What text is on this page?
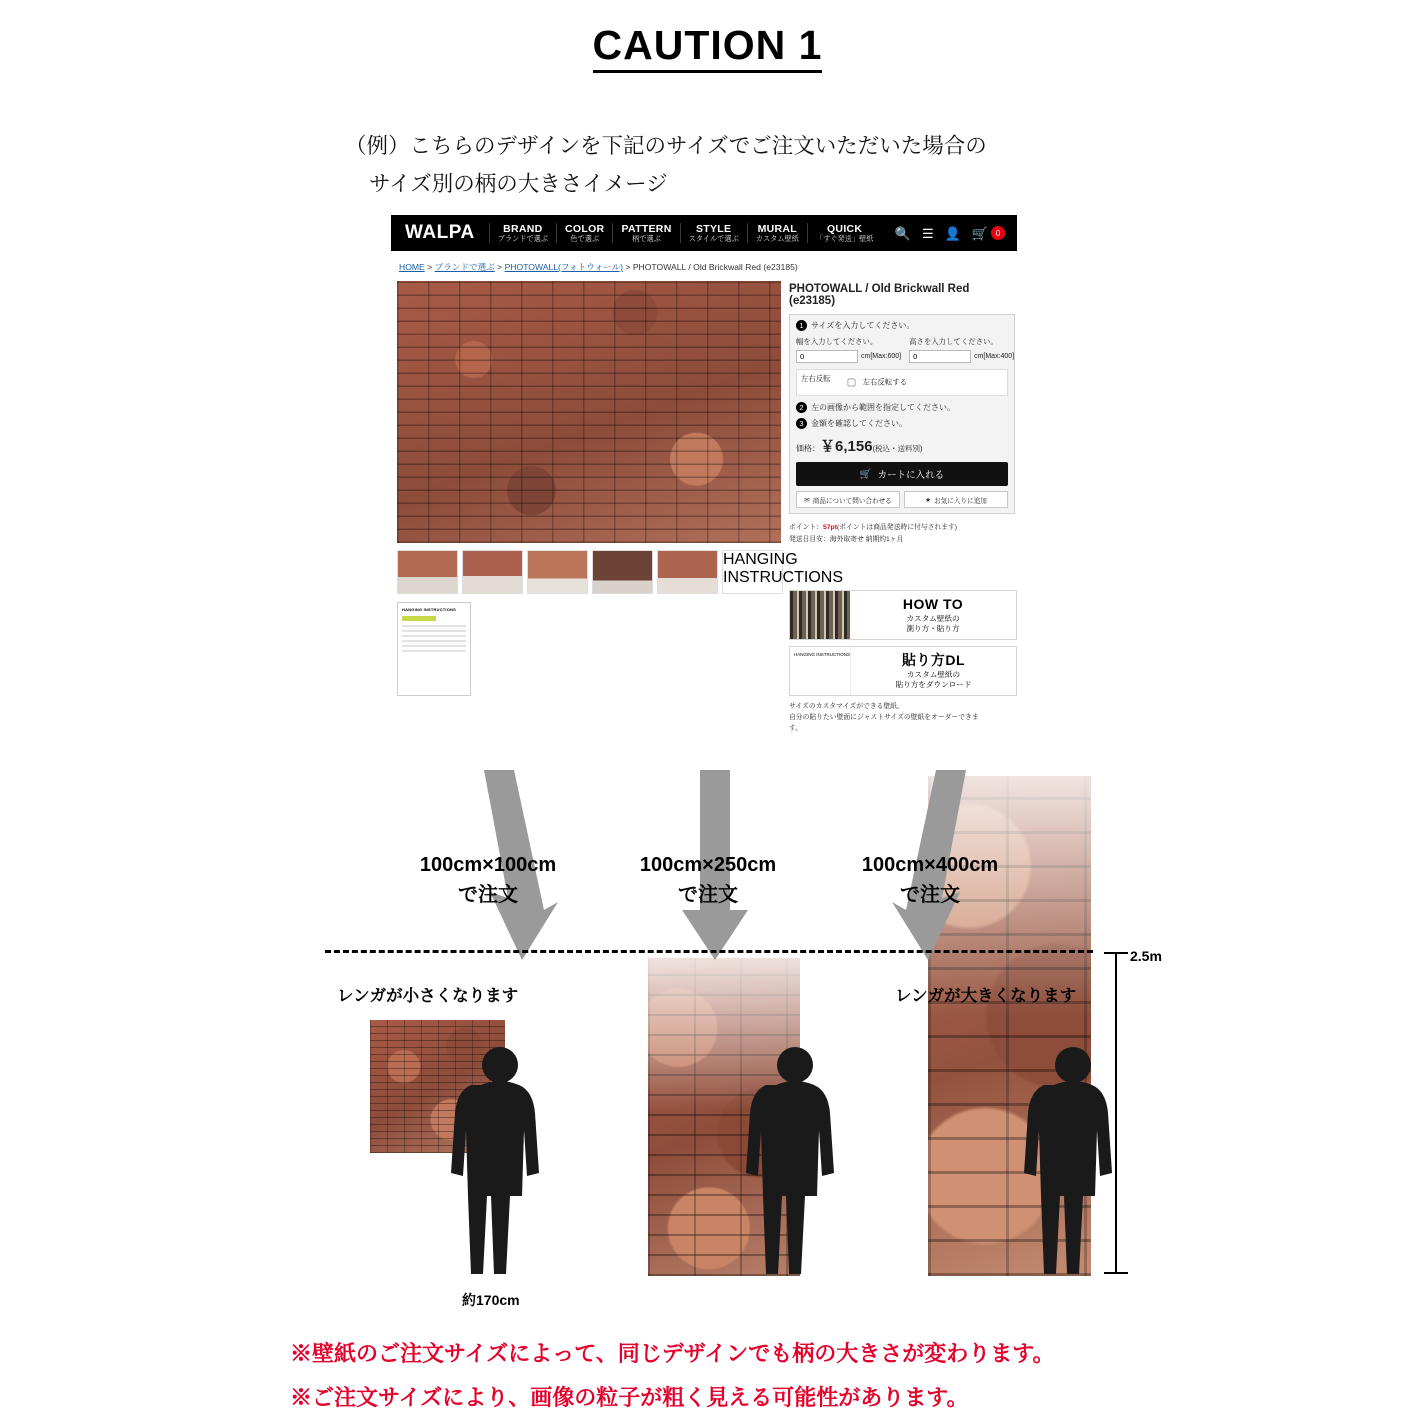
CAUTION 1
（例）こちらのデザインを下記のサイズでご注文いただいた場合の
サイズ別の柄の大きさイメージ
WALPA	BRAND
ブランドで選ぶ
COLOR
色で選ぶ
PATTERN
柄で選ぶ
STYLE
スタイルで選ぶ
MURAL
カスタム壁紙
QUICK
「すぐ発送」壁紙 🔍 ☰ 👤 🛒 0
HOME > ブランドで選ぶ > PHOTOWALL(フォトウォール) > PHOTOWALL / Old Brickwall Red (e23185)
PHOTOWALL / Old Brickwall Red (e23185)
1 サイズを入力してください。
幅を入力してください。
0
cm[Max:600]
高さを入力してください。
0
cm[Max:400]
左右反転	左右反転する
2 左の画像から範囲を指定してください。
3 金額を確認してください。
価格：￥6,156(税込・送料別)
🛒 カートに入れる
✉ 商品について問い合わせる	★ お気に入りに追加
ポイント：57pt(ポイントは商品発送時に付与されます)
発送日目安：海外取寄せ 納期約1ヶ月
HANGING INSTRUCTIONS
HANGING INSTRUCTIONS	HOW TO
カスタム壁紙の
測り方・貼り方
HANGING INSTRUCTIONS	貼り方DL
カスタム壁紙の
貼り方をダウンロード
サイズのカスタマイズができる壁紙。
自分の貼りたい壁面にジャストサイズの壁紙をオーダーできま
す。
100cm×100cm
で注文
100cm×250cm
で注文
100cm×400cm
で注文
レンガが小さくなります	レンガが大きくなります
2.5m
約170cm
※壁紙のご注文サイズによって、同じデザインでも柄の大きさが変わります。
※ご注文サイズにより、画像の粒子が粗く見える可能性があります。
